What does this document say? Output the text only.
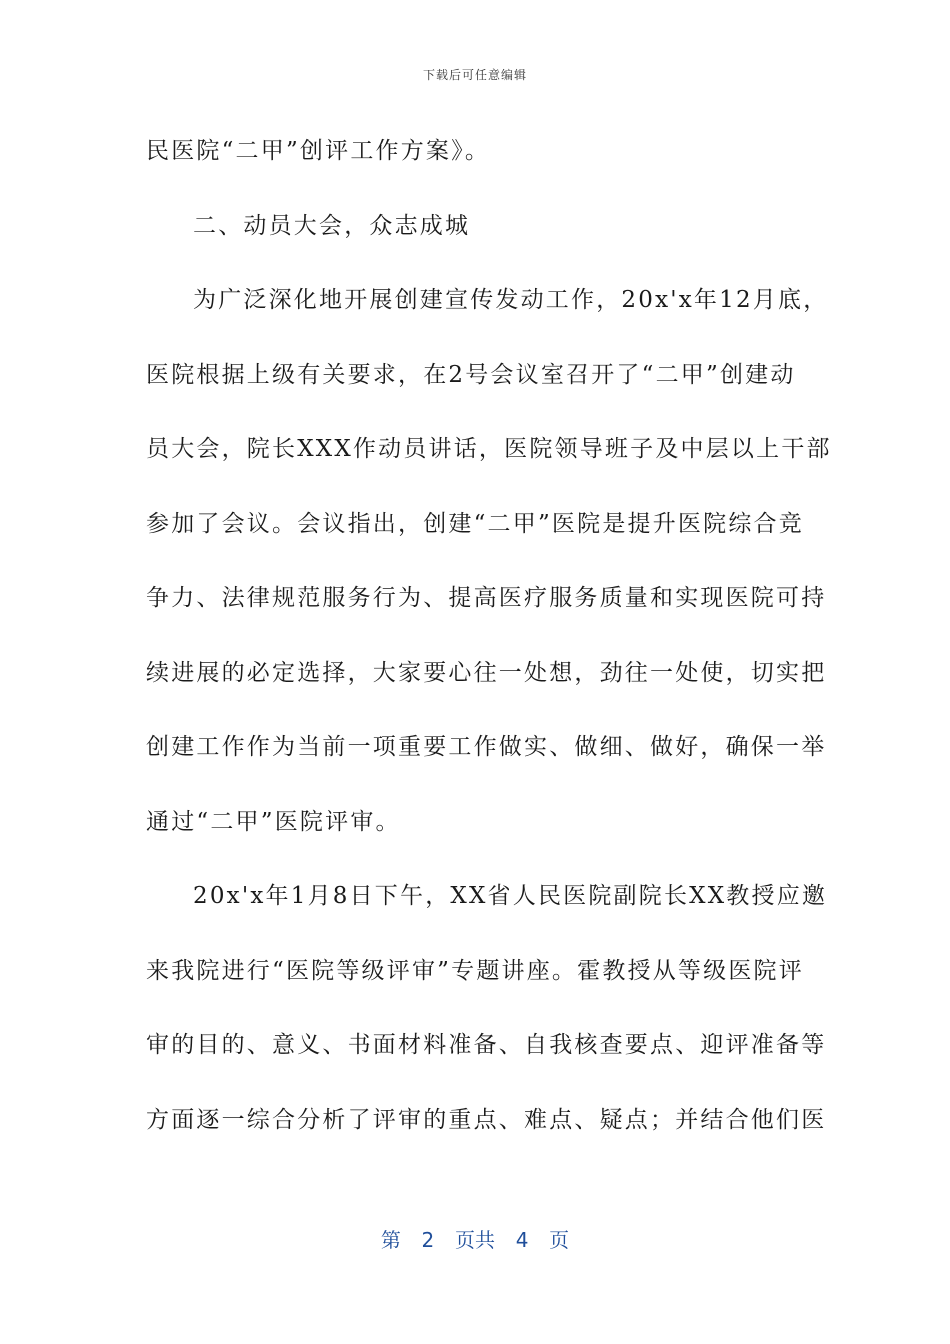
下载后可任意编辑
民医院“二甲”创评工作方案》。
二、动员大会，众志成城
为广泛深化地开展创建宣传发动工作，20x'x年12月底，
医院根据上级有关要求，在2号会议室召开了“二甲”创建动
员大会，院长XXX作动员讲话，医院领导班子及中层以上干部
参加了会议。会议指出，创建“二甲”医院是提升医院综合竞
争力、法律规范服务行为、提高医疗服务质量和实现医院可持
续进展的必定选择，大家要心往一处想，劲往一处使，切实把
创建工作作为当前一项重要工作做实、做细、做好，确保一举
通过“二甲”医院评审。
20x'x年1月8日下午，XX省人民医院副院长XX教授应邀
来我院进行“医院等级评审”专题讲座。霍教授从等级医院评
审的目的、意义、书面材料准备、自我核查要点、迎评准备等
方面逐一综合分析了评审的重点、难点、疑点；并结合他们医
第  2  页共  4  页
